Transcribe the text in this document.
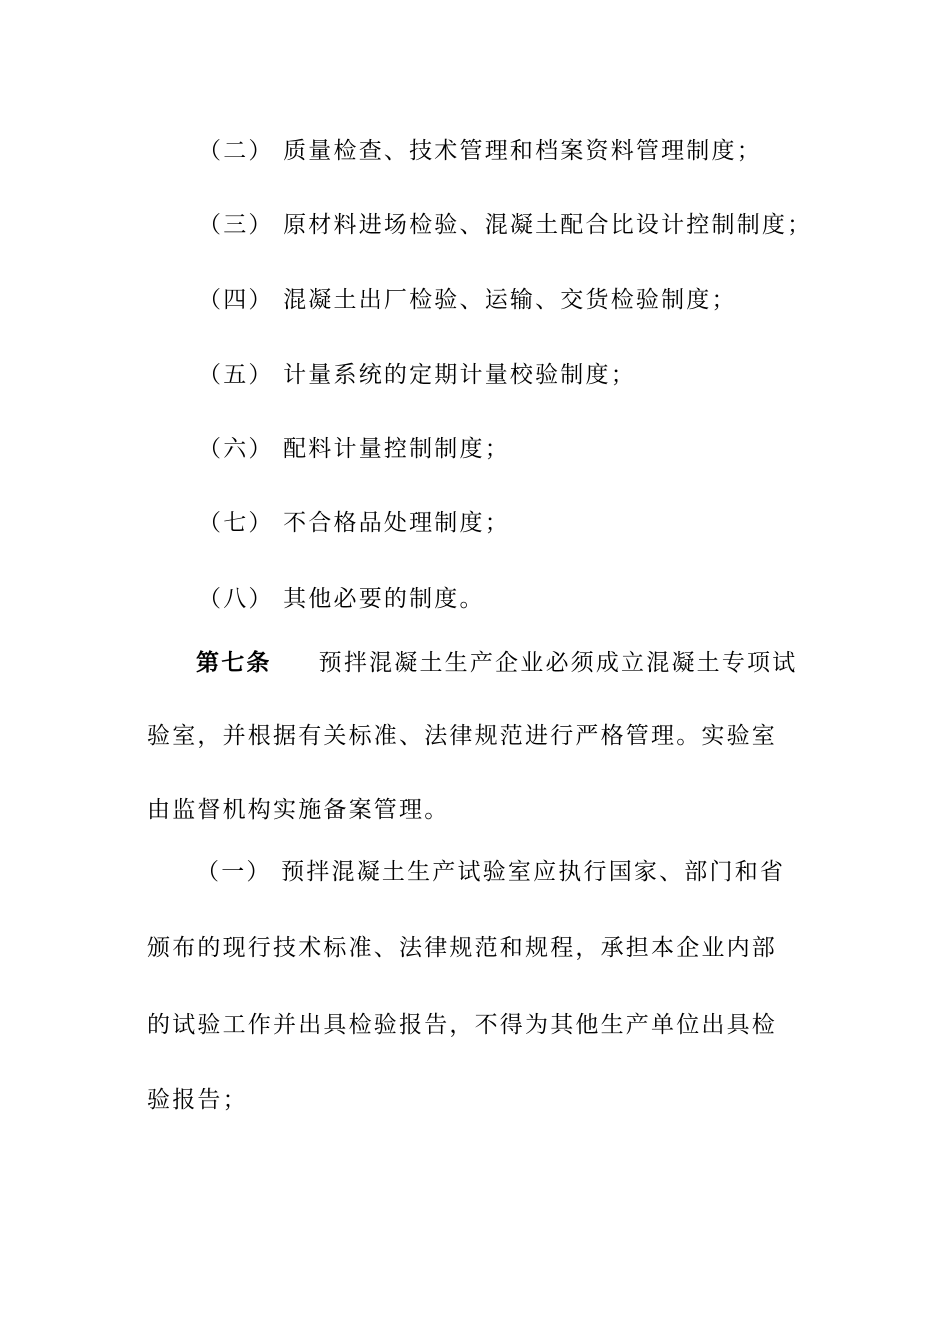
（二） 质量检查、技术管理和档案资料管理制度；
（三） 原材料进场检验、混凝土配合比设计控制制度；
（四） 混凝土出厂检验、运输、交货检验制度；
（五） 计量系统的定期计量校验制度；
（六） 配料计量控制制度；
（七） 不合格品处理制度；
（八） 其他必要的制度。
第七条 预拌混凝土生产企业必须成立混凝土专项试
验室，并根据有关标准、法律规范进行严格管理。实验室
由监督机构实施备案管理。
（一） 预拌混凝土生产试验室应执行国家、部门和省
颁布的现行技术标准、法律规范和规程，承担本企业内部
的试验工作并出具检验报告，不得为其他生产单位出具检
验报告；
